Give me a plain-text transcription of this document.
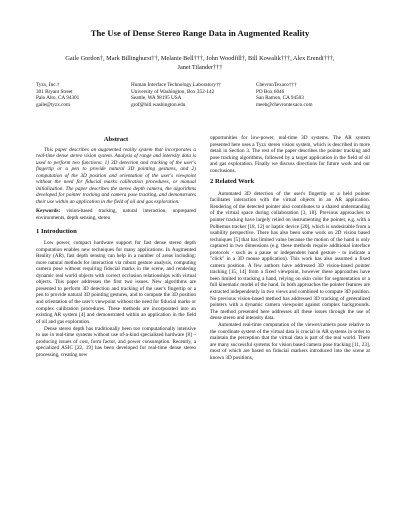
The Use of Dense Stereo Range Data in Augmented Reality
Gaile Gordon†, Mark Billinghurst††, Melanie Bell†††, John Woodfill†, Bill Kowalik†††, Alex Erendi†††,
Janet Tilander†††
Tyzx, Inc.†
301 Bryant Street
Palo Alto, CA 94301
gaile@tyzx.com
Human Interface Technology Laboratory††
University of Washington, Box 352-142
Seattle, WA 98195 USA
grof@hitl.washington.edu
ChevronTexaco†††
PO Box 6046
San Ramon, CA 94583
meeb@chevrontexaco.com
Abstract

This paper describes an augmented reality system that incorporates a real-time dense stereo vision system. Analysis of range and intensity data is used to perform two functions: 1) 3D detection and tracking of the user's fingertip or a pen to provide natural 3D pointing gestures, and 2) computation of the 3D position and orientation of the user's viewpoint without the need for fiducial marks calibration procedures, or manual initialization. The paper describes the stereo depth camera, the algorithms developed for pointer tracking and camera pose tracking, and demonstrates their use within an application in the field of oil and gas exploration.

Keywords: vision-based tracking, natural interaction, unprepared environments, depth sensing, stereo

1 Introduction

Low power, compact hardware support for fast dense stereo depth computation enables new techniques for many applications. In Augmented Reality (AR), fast depth sensing can help in a number of areas including: more natural methods for interaction via robust gesture analysis, computing camera pose without requiring fiducial marks in the scene, and rendering dynamic real world objects with correct occlusion relationships with virtual objects. This paper addresses the first two issues. New algorithms are presented to perform 3D detection and tracking of the user's fingertip or a pen to provide natural 3D pointing gestures, and to compute the 3D position and orientation of the user's viewpoint without the need for fiducial marks or complex calibration procedures. These methods are incorporated into an existing AR system [4] and demonstrated within an application in the field of oil and gas exploration.

Dense stereo depth has traditionally been too computationally intensive to use in real-time systems without use of-a-kind specialized hardware [8] – producing issues of cost, form factor, and power consumption. Recently, a specialized ASIC [22, 19] has been developed for real-time dense stereo processing, creating new

opportunities for low-power, real-time 3D systems. The AR system presented here uses a Tyzx stereo vision system, which is described in more detail in Section 3. The rest of the paper describes the pointer tracking and pose tracking algorithms, followed by a target application in the field of oil and gas exploration. Finally we discuss directions for future work and our conclusions.

2 Related Work

Automated 3D detection of the user's fingertip or a held pointer facilitates interaction with the virtual objects in an AR application. Rendering of the detected pointer also contributes to a shared understanding of the virtual space during collaboration [3, 18]. Previous approaches to pointer tracking have largely relied on instrumenting the pointer, e.g. with a Polhemus tracker [18, 12] or haptic device [20], which is undesirable from a usability perspective. There has also been some work on 2D vision based techniques [5] that has limited value because the motion of the hand is only captured in two dimensions (e.g. these methods require additional interface protocols - such as a pause or independent hand gesture - to indicate a "click" in a 3D mouse application). This work has also assumed a fixed camera position. A few authors have addressed 3D vision-based pointer tracking [15, 14] from a fixed viewpoint, however these approaches have been limited to tracking a hand, relying on skin color for segmentation or a full kinematic model of the hand. In both approaches the pointer features are extracted independently in two views and combined to compute 3D position. No previous vision-based method has addressed 3D tracking of generalized pointers with a dynamic camera viewpoint against complex backgrounds. The method presented here addresses all these issues through the use of dense stereo and intensity data.

Automated real-time computation of the viewer/camera pose relative to the coordinate system of the virtual data is crucial in AR systems in order to maintain the perception that the virtual data is part of the real world. There are many successful systems for vision based camera pose tracking [11, 23], most of which are based on fiducial markers introduced into the scene at known 3D positions,
